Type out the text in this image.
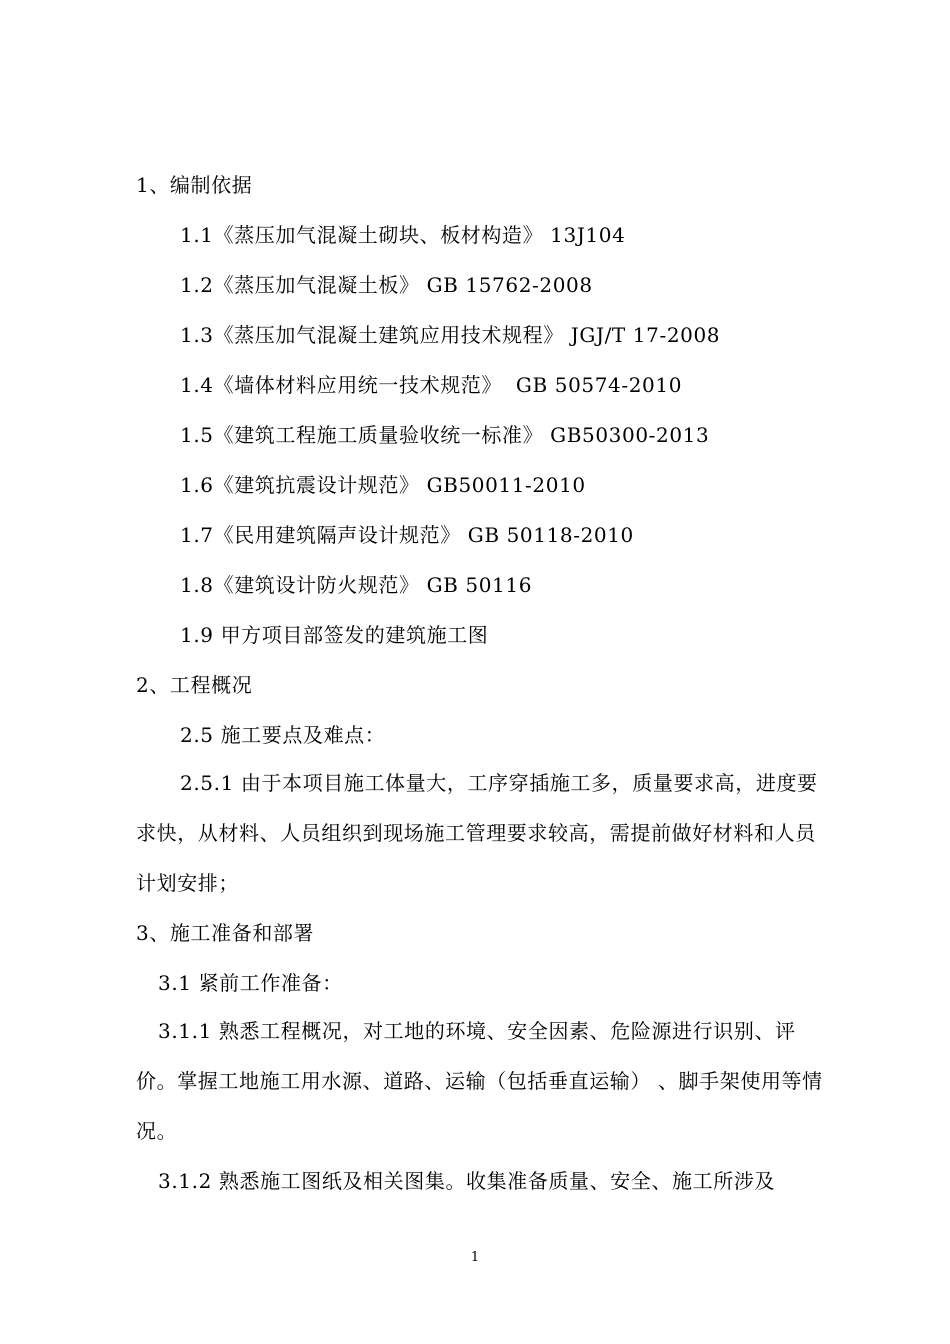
1、编制依据
1.1《蒸压加气混凝土砌块、板材构造》 13J104
1.2《蒸压加气混凝土板》 GB 15762-2008
1.3《蒸压加气混凝土建筑应用技术规程》 JGJ/T 17-2008
1.4《墙体材料应用统一技术规范》  GB 50574-2010
1.5《建筑工程施工质量验收统一标准》 GB50300-2013
1.6《建筑抗震设计规范》 GB50011-2010
1.7《民用建筑隔声设计规范》 GB 50118-2010
1.8《建筑设计防火规范》 GB 50116
1.9 甲方项目部签发的建筑施工图
2、工程概况
2.5 施工要点及难点：
2.5.1 由于本项目施工体量大，工序穿插施工多，质量要求高，进度要求快，从材料、人员组织到现场施工管理要求较高，需提前做好材料和人员计划安排；
3、施工准备和部署
3.1 紧前工作准备：
3.1.1 熟悉工程概况，对工地的环境、安全因素、危险源进行识别、评价。掌握工地施工用水源、道路、运输（包括垂直运输） 、脚手架使用等情况。
3.1.2 熟悉施工图纸及相关图集。收集准备质量、安全、施工所涉及
1
